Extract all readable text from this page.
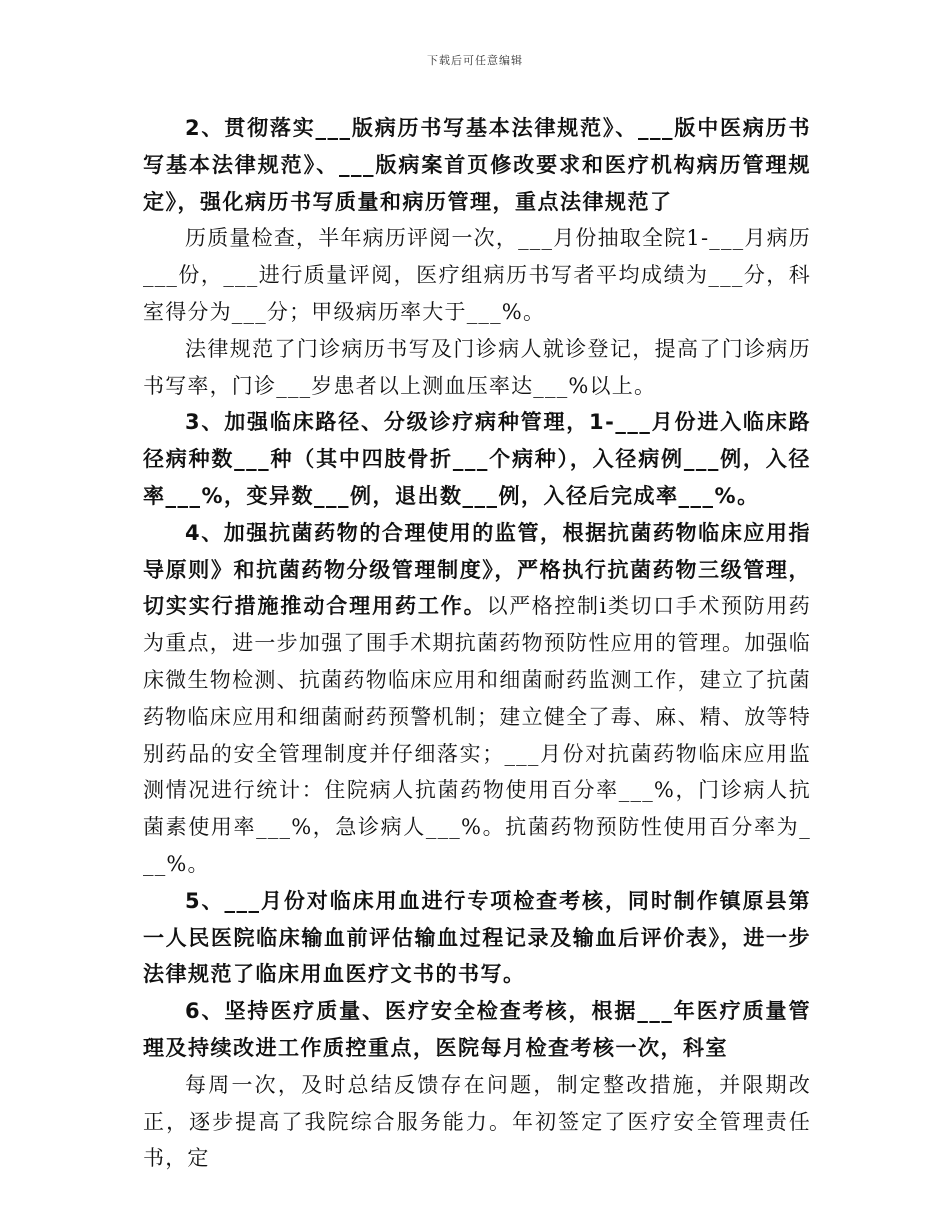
下载后可任意编辑

2、贯彻落实___版病历书写基本法律规范》、___版中医病历书写基本法律规范》、___版病案首页修改要求和医疗机构病历管理规定》，强化病历书写质量和病历管理，重点法律规范了

历质量检查，半年病历评阅一次，___月份抽取全院1-___月病历___份，___进行质量评阅，医疗组病历书写者平均成绩为___分，科室得分为___分；甲级病历率大于___%。

法律规范了门诊病历书写及门诊病人就诊登记，提高了门诊病历书写率，门诊___岁患者以上测血压率达___%以上。

3、加强临床路径、分级诊疗病种管理，1-___月份进入临床路径病种数___种（其中四肢骨折___个病种），入径病例___例，入径率___%，变异数___例，退出数___例，入径后完成率___%。

4、加强抗菌药物的合理使用的监管，根据抗菌药物临床应用指导原则》和抗菌药物分级管理制度》，严格执行抗菌药物三级管理，切实实行措施推动合理用药工作。以严格控制ⅰ类切口手术预防用药为重点，进一步加强了围手术期抗菌药物预防性应用的管理。加强临床微生物检测、抗菌药物临床应用和细菌耐药监测工作，建立了抗菌药物临床应用和细菌耐药预警机制；建立健全了毒、麻、精、放等特别药品的安全管理制度并仔细落实；___月份对抗菌药物临床应用监测情况进行统计：住院病人抗菌药物使用百分率___%，门诊病人抗菌素使用率___%，急诊病人___%。抗菌药物预防性使用百分率为___%。

5、___月份对临床用血进行专项检查考核，同时制作镇原县第一人民医院临床输血前评估输血过程记录及输血后评价表》，进一步法律规范了临床用血医疗文书的书写。

6、坚持医疗质量、医疗安全检查考核，根据___年医疗质量管理及持续改进工作质控重点，医院每月检查考核一次，科室

每周一次，及时总结反馈存在问题，制定整改措施，并限期改正，逐步提高了我院综合服务能力。年初签定了医疗安全管理责任书，定
